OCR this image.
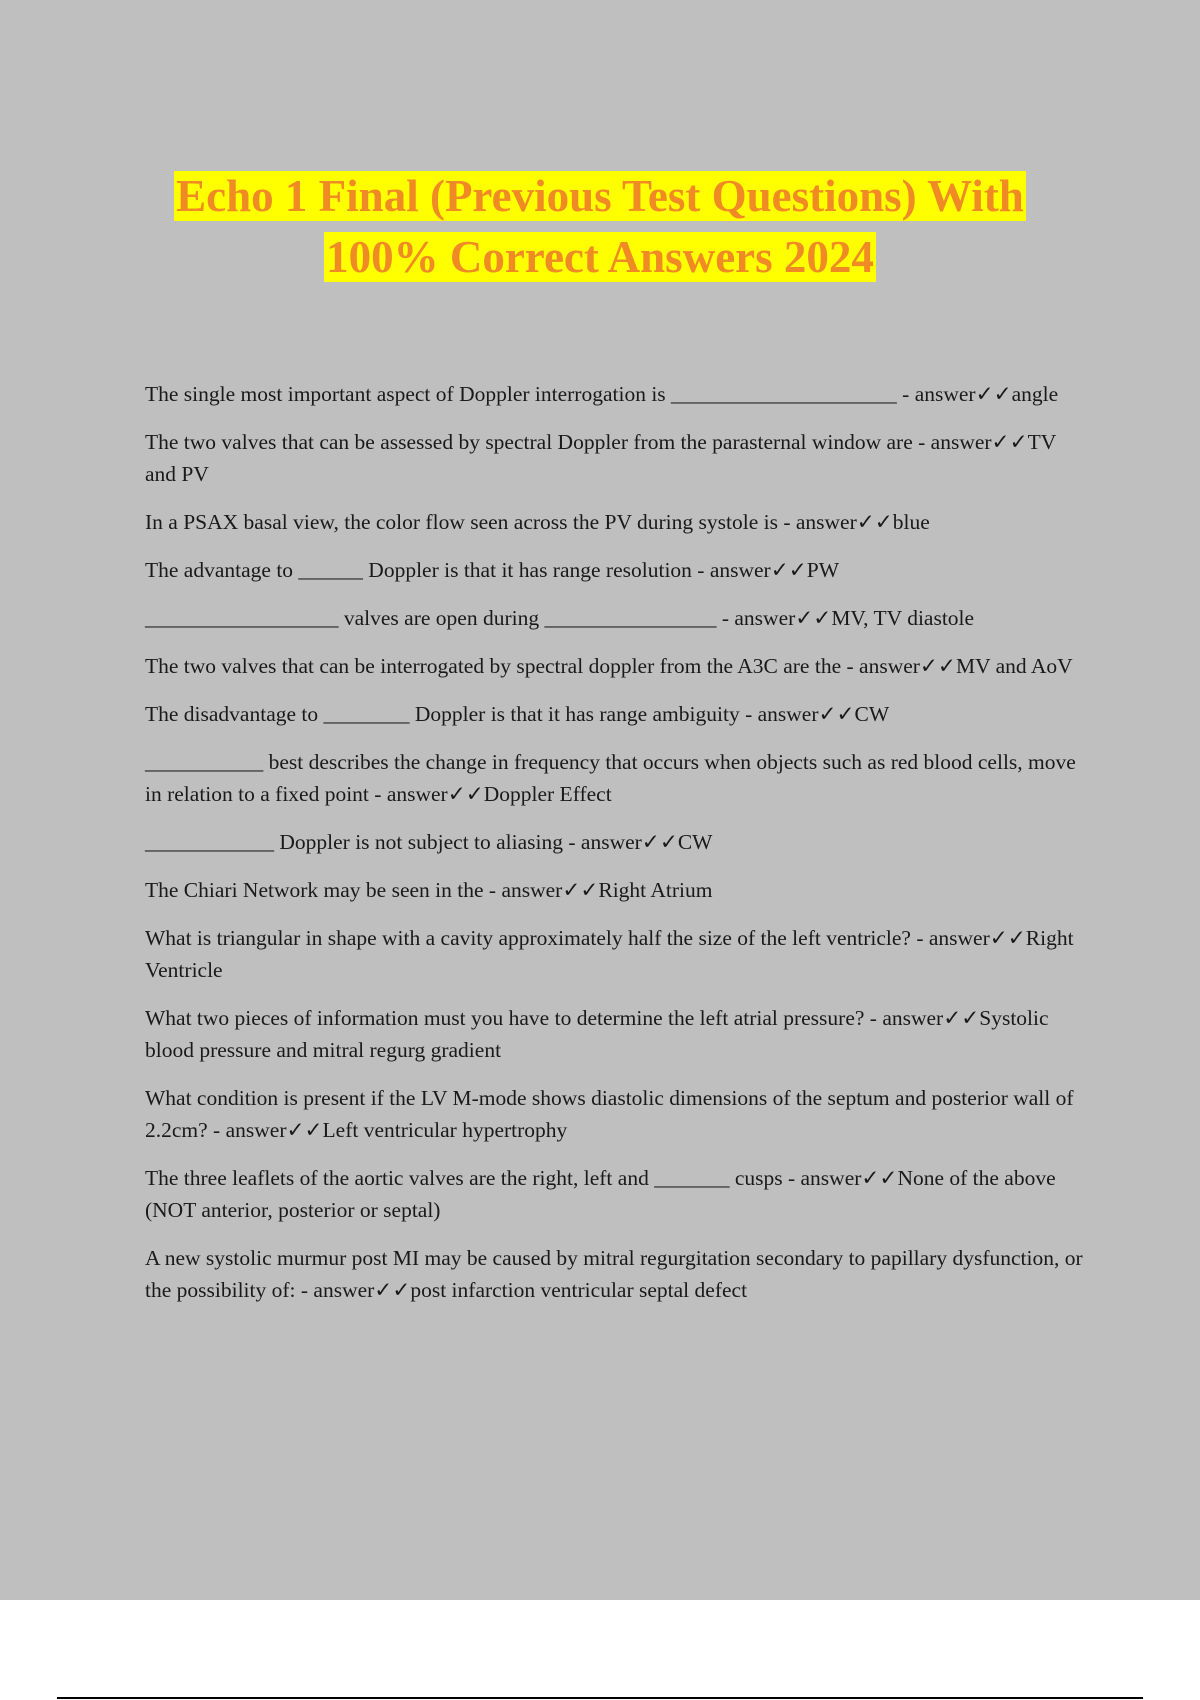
Echo 1 Final (Previous Test Questions) With
100% Correct Answers 2024

The single most important aspect of Doppler interrogation is _____________________ - answer✓✓angle

The two valves that can be assessed by spectral Doppler from the parasternal window are - answer✓✓TV and PV

In a PSAX basal view, the color flow seen across the PV during systole is - answer✓✓blue

The advantage to ______ Doppler is that it has range resolution - answer✓✓PW

__________________ valves are open during ________________ - answer✓✓MV, TV diastole

The two valves that can be interrogated by spectral doppler from the A3C are the - answer✓✓MV and AoV

The disadvantage to ________ Doppler is that it has range ambiguity - answer✓✓CW

___________ best describes the change in frequency that occurs when objects such as red blood cells, move in relation to a fixed point - answer✓✓Doppler Effect

____________ Doppler is not subject to aliasing - answer✓✓CW

The Chiari Network may be seen in the - answer✓✓Right Atrium

What is triangular in shape with a cavity approximately half the size of the left ventricle? - answer✓✓Right Ventricle

What two pieces of information must you have to determine the left atrial pressure? - answer✓✓Systolic blood pressure and mitral regurg gradient

What condition is present if the LV M-mode shows diastolic dimensions of the septum and posterior wall of 2.2cm? - answer✓✓Left ventricular hypertrophy

The three leaflets of the aortic valves are the right, left and _______ cusps - answer✓✓None of the above (NOT anterior, posterior or septal)

A new systolic murmur post MI may be caused by mitral regurgitation secondary to papillary dysfunction, or the possibility of: - answer✓✓post infarction ventricular septal defect
